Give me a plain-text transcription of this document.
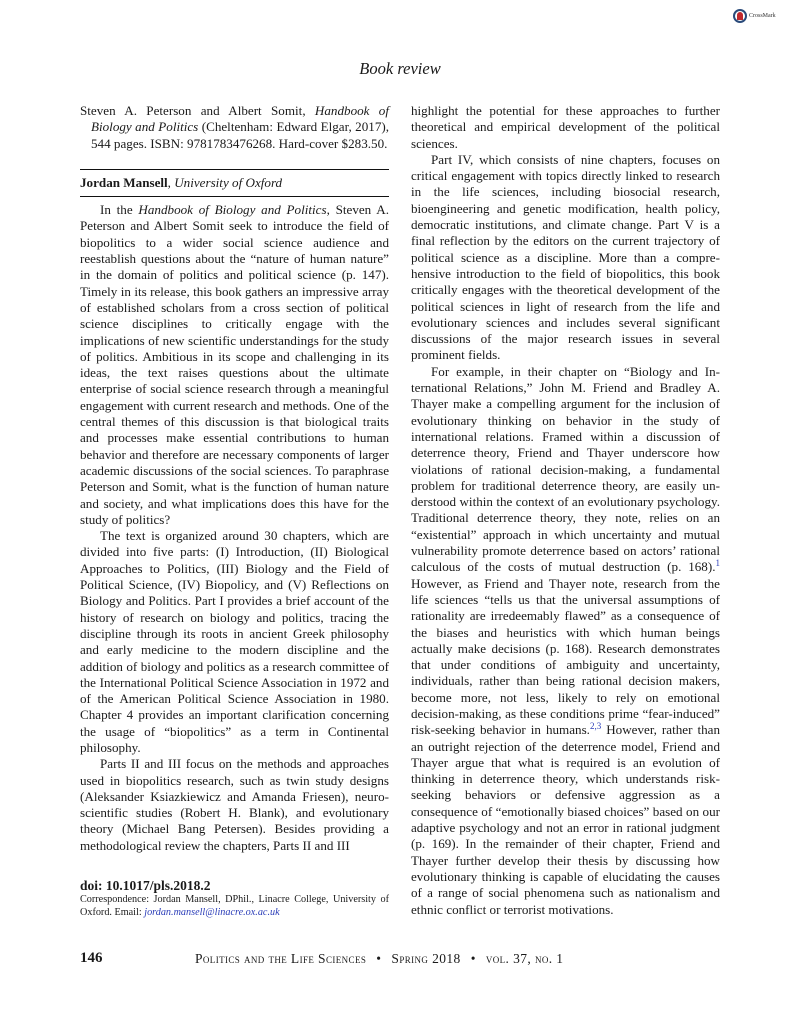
CrossMark
Book review

Steven A. Peterson and Albert Somit, Handbook of Biology and Politics (Cheltenham: Edward Elgar, 2017), 544 pages. ISBN: 9781783476268. Hard-cover $283.50.

Jordan Mansell, University of Oxford

In the Handbook of Biology and Politics, Steven A. Peterson and Albert Somit seek to introduce the field of biopolitics to a wider social science audience and reestablish questions about the “nature of human nature” in the domain of politics and political science (p. 147). Timely in its release, this book gathers an impressive array of established scholars from a cross section of political science disciplines to critically engage with the implications of new scientific understandings for the study of politics. Ambitious in its scope and challenging in its ideas, the text raises questions about the ultimate enterprise of social science research through a meaningful engagement with current research and methods. One of the central themes of this discussion is that biological traits and processes make essential contributions to human behavior and therefore are necessary components of larger academic discussions of the social sciences. To paraphrase Peterson and Somit, what is the function of human nature and society, and what implications does this have for the study of politics?

The text is organized around 30 chapters, which are divided into five parts: (I) Introduction, (II) Biological Approaches to Politics, (III) Biology and the Field of Political Science, (IV) Biopolicy, and (V) Reflections on Biology and Politics. Part I provides a brief account of the history of research on biology and politics, tracing the discipline through its roots in ancient Greek philosophy and early medicine to the modern discipline and the addition of biology and politics as a research committee of the International Political Science Association in 1972 and of the American Political Science Association in 1980. Chapter 4 provides an important clarification concerning the usage of “biopolitics” as a term in Continental philosophy.

Parts II and III focus on the methods and approaches used in biopolitics research, such as twin study designs (Aleksander Ksiazkiewicz and Amanda Friesen), neuroscientific studies (Robert H. Blank), and evolutionary theory (Michael Bang Petersen). Besides providing a methodological review the chapters, Parts II and III

highlight the potential for these approaches to further theoretical and empirical development of the political sciences.

Part IV, which consists of nine chapters, focuses on critical engagement with topics directly linked to research in the life sciences, including biosocial research, bioengineering and genetic modification, health policy, democratic institutions, and climate change. Part V is a final reflection by the editors on the current trajectory of political science as a discipline. More than a comprehensive introduction to the field of biopolitics, this book critically engages with the theoretical development of the political sciences in light of research from the life and evolutionary sciences and includes several significant discussions of the major research issues in several prominent fields.

For example, in their chapter on “Biology and International Relations,” John M. Friend and Bradley A. Thayer make a compelling argument for the inclusion of evolutionary thinking on behavior in the study of international relations. Framed within a discussion of deterrence theory, Friend and Thayer underscore how violations of rational decision-making, a fundamental problem for traditional deterrence theory, are easily understood within the context of an evolutionary psychology. Traditional deterrence theory, they note, relies on an “existential” approach in which uncertainty and mutual vulnerability promote deterrence based on actors’ rational calculous of the costs of mutual destruction (p. 168).$^1$ However, as Friend and Thayer note, research from the life sciences “tells us that the universal assumptions of rationality are irredeemably flawed” as a consequence of the biases and heuristics with which human beings actually make decisions (p. 168). Research demonstrates that under conditions of ambiguity and uncertainty, individuals, rather than being rational decision makers, become more, not less, likely to rely on emotional decision-making, as these conditions prime “fear-induced” risk-seeking behavior in humans.$^{2,3}$ However, rather than an outright rejection of the deterrence model, Friend and Thayer argue that what is required is an evolution of thinking in deterrence theory, which understands risk-seeking behaviors or defensive aggression as a consequence of “emotionally biased choices” based on our adaptive psychology and not an error in rational judgment (p. 169). In the remainder of their chapter, Friend and Thayer further develop their thesis by discussing how evolutionary thinking is capable of elucidating the causes of a range of social phenomena such as nationalism and ethnic conflict or terrorist motivations.

doi: 10.1017/pls.2018.2
Correspondence: Jordan Mansell, DPhil., Linacre College, University of Oxford. Email: jordan.mansell@linacre.ox.ac.uk
146	Politics and the Life Sciences • Spring 2018 • vol. 37, no. 1
